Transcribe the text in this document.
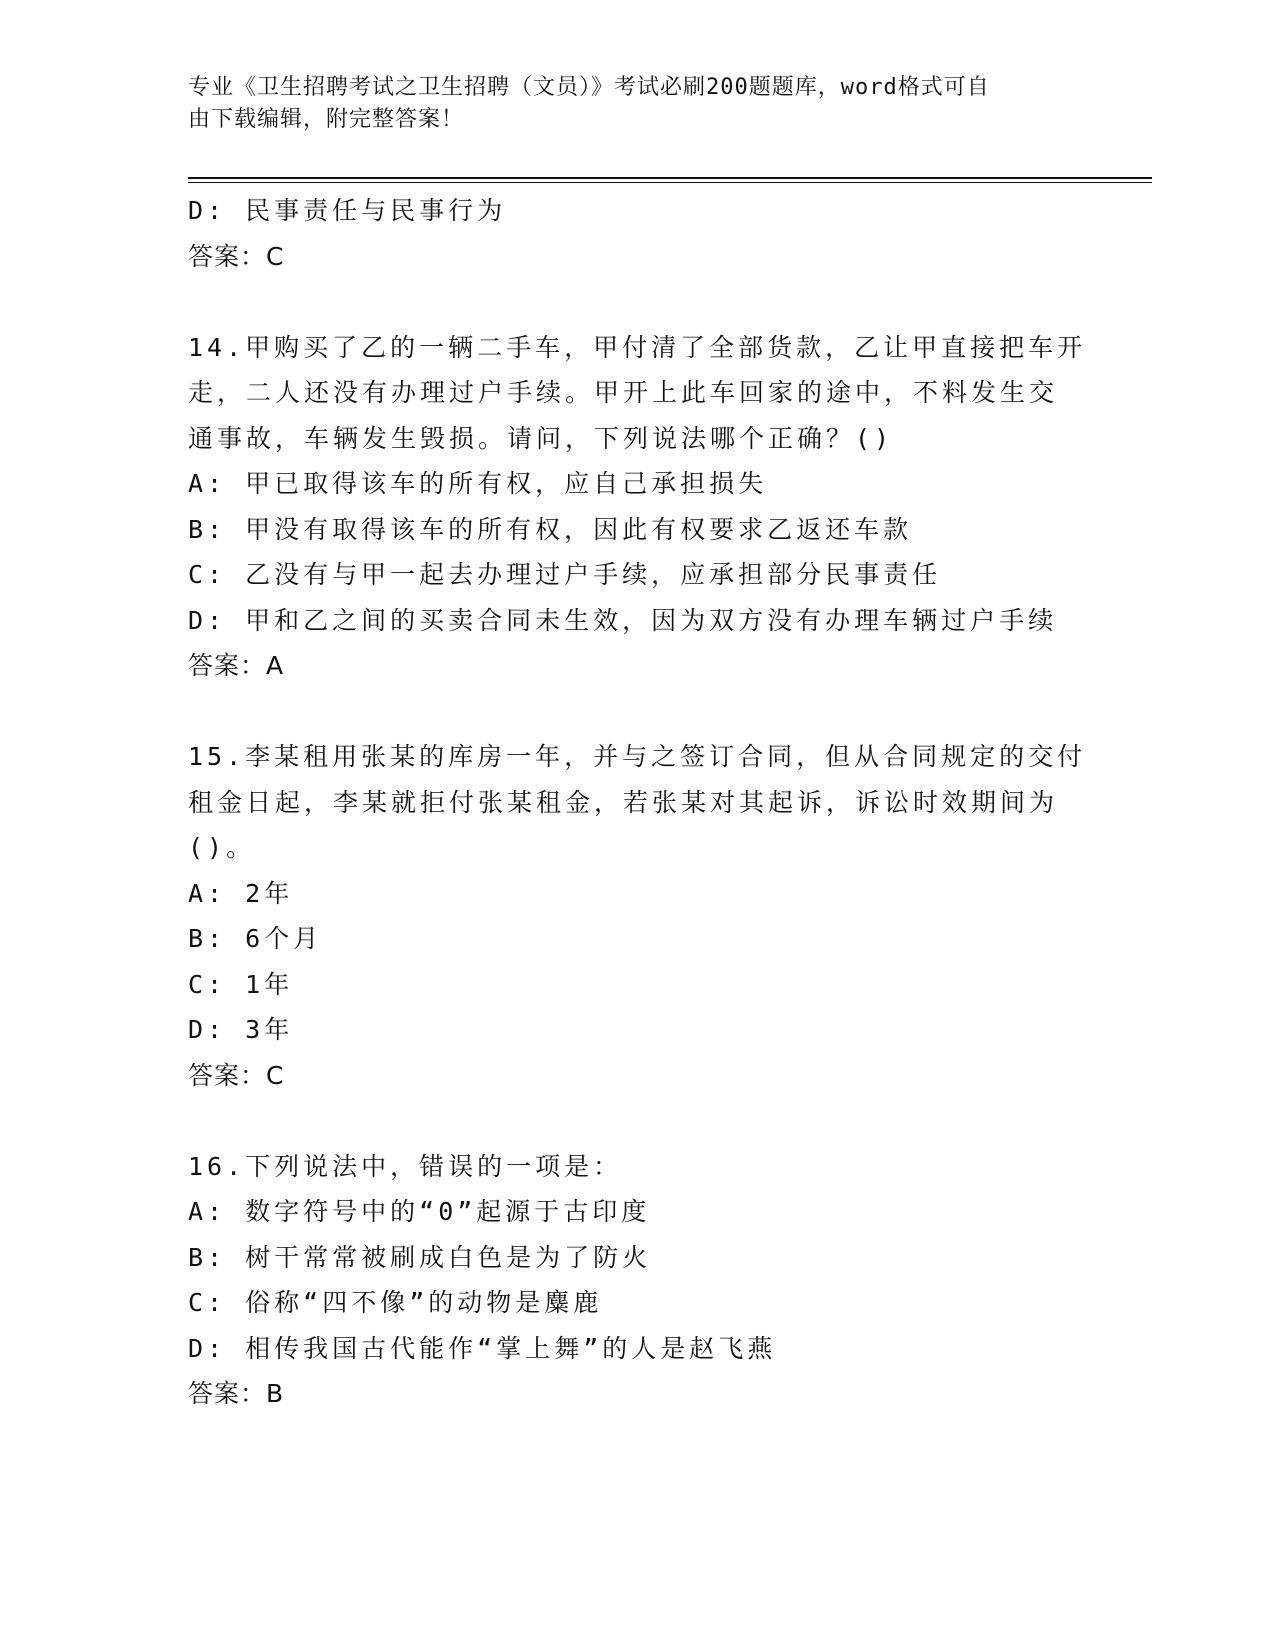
专业《卫生招聘考试之卫生招聘（文员）》考试必刷200题题库，word格式可自
由下载编辑，附完整答案！
D: 民事责任与民事行为
答案：C
14.甲购买了乙的一辆二手车，甲付清了全部货款，乙让甲直接把车开
走，二人还没有办理过户手续。甲开上此车回家的途中，不料发生交
通事故，车辆发生毁损。请问，下列说法哪个正确？()
A: 甲已取得该车的所有权，应自己承担损失
B: 甲没有取得该车的所有权，因此有权要求乙返还车款
C: 乙没有与甲一起去办理过户手续，应承担部分民事责任
D: 甲和乙之间的买卖合同未生效，因为双方没有办理车辆过户手续
答案：A
15.李某租用张某的库房一年，并与之签订合同，但从合同规定的交付
租金日起，李某就拒付张某租金，若张某对其起诉，诉讼时效期间为
()。
A: 2年
B: 6个月
C: 1年
D: 3年
答案：C
16.下列说法中，错误的一项是：
A: 数字符号中的“0”起源于古印度
B: 树干常常被刷成白色是为了防火
C: 俗称“四不像”的动物是麋鹿
D: 相传我国古代能作“掌上舞”的人是赵飞燕
答案：B
